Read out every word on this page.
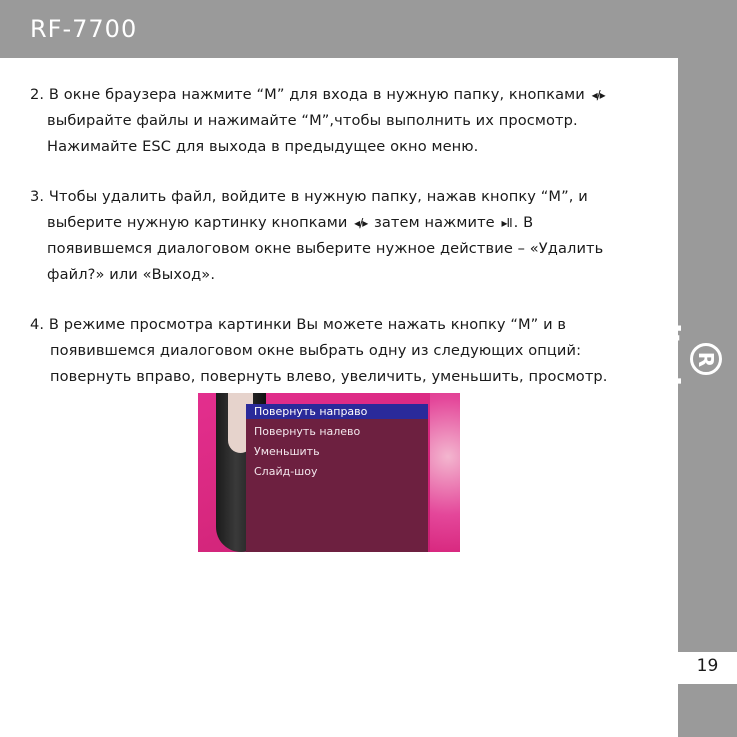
RF-7700
Ritmix
19
2. В окне браузера нажмите “М” для входа в нужную папку, кнопками ◂/▸
выбирайте файлы и нажимайте “М”,чтобы выполнить их просмотр.
Нажимайте ESC для выхода в предыдущее окно меню.
3. Чтобы удалить файл, войдите в нужную папку, нажав кнопку “М”, и
выберите нужную картинку кнопками ◂/▸ затем нажмите ▸II . В
появившемся диалоговом окне выберите нужное действие – «Удалить
файл?» или «Выход».
4. В режиме просмотра картинки Вы можете нажать кнопку “М” и в
появившемся диалоговом окне выбрать одну из следующих опций:
повернуть вправо, повернуть влево, увеличить, уменьшить, просмотр.
Повернуть направо
Повернуть налево
Уменьшить
Слайд-шоу
